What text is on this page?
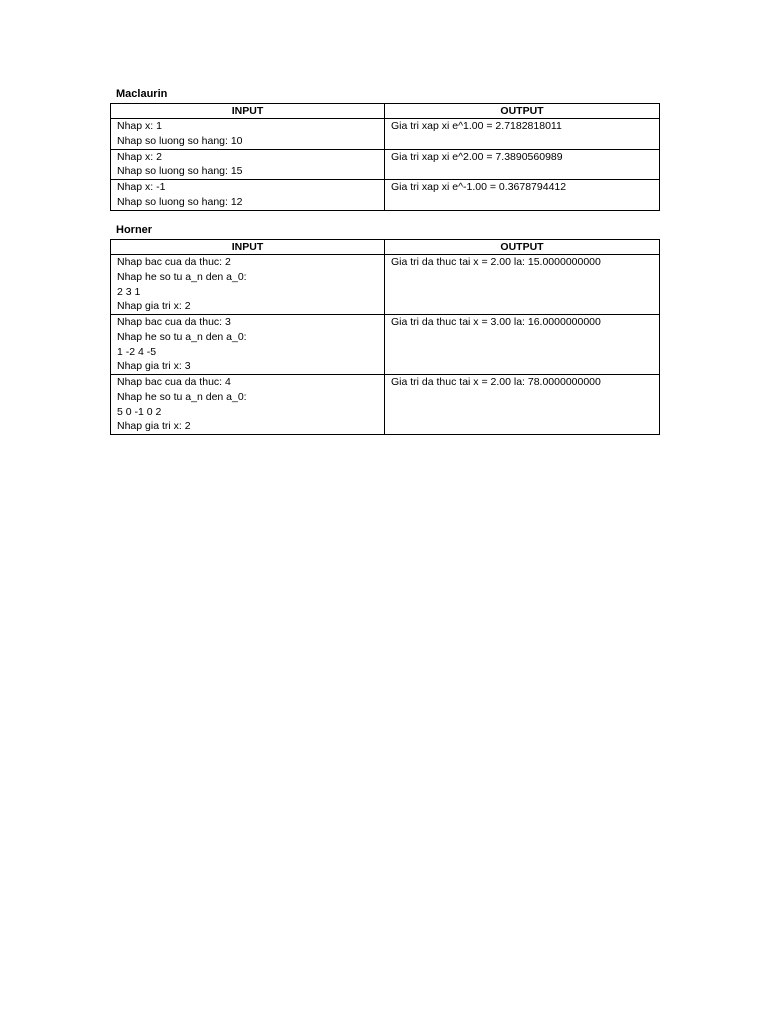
Maclaurin
INPUT	OUTPUT

Nhap x: 1
Nhap so luong so hang: 10	Gia tri xap xi e^1.00 = 2.7182818011

Nhap x: 2
Nhap so luong so hang: 15	Gia tri xap xi e^2.00 = 7.3890560989

Nhap x: -1
Nhap so luong so hang: 12	Gia tri xap xi e^-1.00 = 0.3678794412
Horner
INPUT	OUTPUT

Nhap bac cua da thuc: 2
Nhap he so tu a_n den a_0:
2 3 1
Nhap gia tri x: 2	Gia tri da thuc tai x = 2.00 la: 15.0000000000

Nhap bac cua da thuc: 3
Nhap he so tu a_n den a_0:
1 -2 4 -5
Nhap gia tri x: 3	Gia tri da thuc tai x = 3.00 la: 16.0000000000

Nhap bac cua da thuc: 4
Nhap he so tu a_n den a_0:
5 0 -1 0 2
Nhap gia tri x: 2	Gia tri da thuc tai x = 2.00 la: 78.0000000000
